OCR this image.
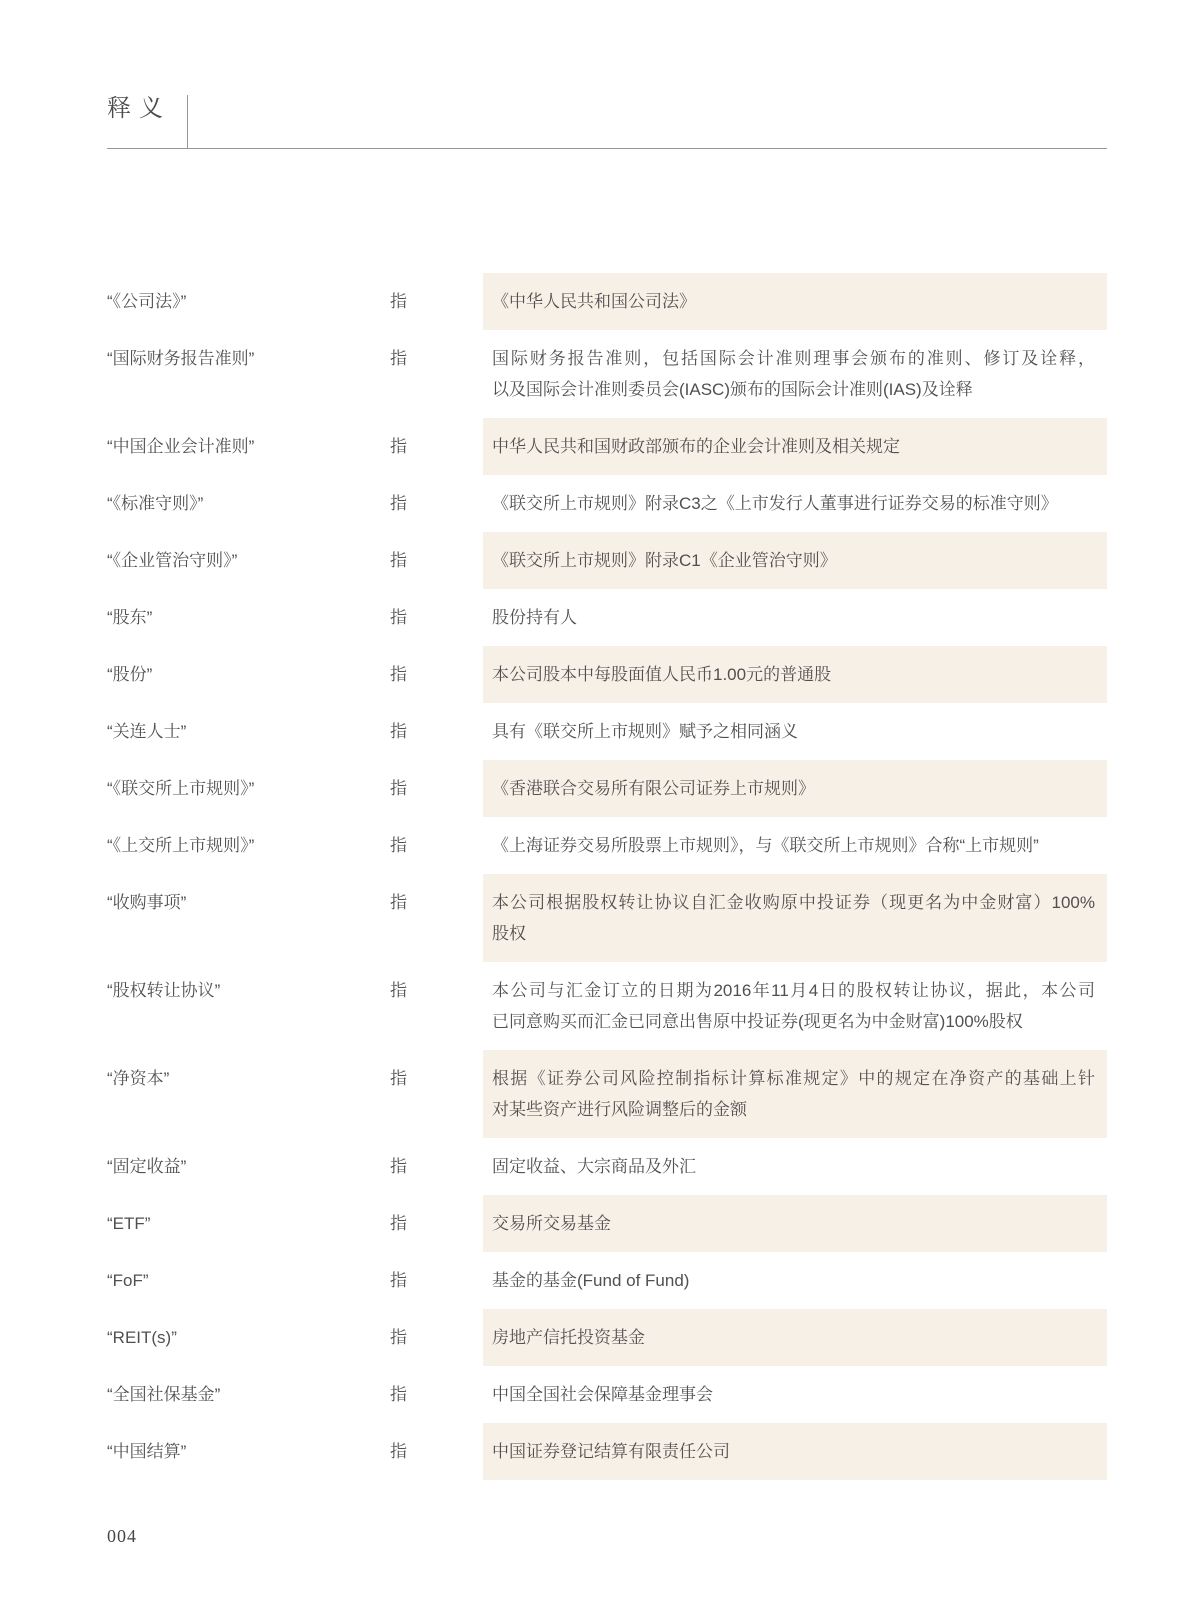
释义
“《公司法》”	指	《中华人民共和国公司法》
“国际财务报告准则”	指	国际财务报告准则，包括国际会计准则理事会颁布的准则、修订及诠释，
以及国际会计准则委员会(IASC)颁布的国际会计准则(IAS)及诠释
“中国企业会计准则”	指	中华人民共和国财政部颁布的企业会计准则及相关规定
“《标准守则》”	指	《联交所上市规则》附录C3之《上市发行人董事进行证券交易的标准守则》
“《企业管治守则》”	指	《联交所上市规则》附录C1《企业管治守则》
“股东”	指	股份持有人
“股份”	指	本公司股本中每股面值人民币1.00元的普通股
“关连人士”	指	具有《联交所上市规则》赋予之相同涵义
“《联交所上市规则》”	指	《香港联合交易所有限公司证券上市规则》
“《上交所上市规则》”	指	《上海证券交易所股票上市规则》，与《联交所上市规则》合称“上市规则”
“收购事项”	指	本公司根据股权转让协议自汇金收购原中投证券（现更名为中金财富）100%
股权
“股权转让协议”	指	本公司与汇金订立的日期为2016年11月4日的股权转让协议，据此，本公司
已同意购买而汇金已同意出售原中投证券(现更名为中金财富)100%股权
“净资本”	指	根据《证券公司风险控制指标计算标准规定》中的规定在净资产的基础上针
对某些资产进行风险调整后的金额
“固定收益”	指	固定收益、大宗商品及外汇
“ETF”	指	交易所交易基金
“FoF”	指	基金的基金(Fund of Fund)
“REIT(s)”	指	房地产信托投资基金
“全国社保基金”	指	中国全国社会保障基金理事会
“中国结算”	指	中国证券登记结算有限责任公司
004
